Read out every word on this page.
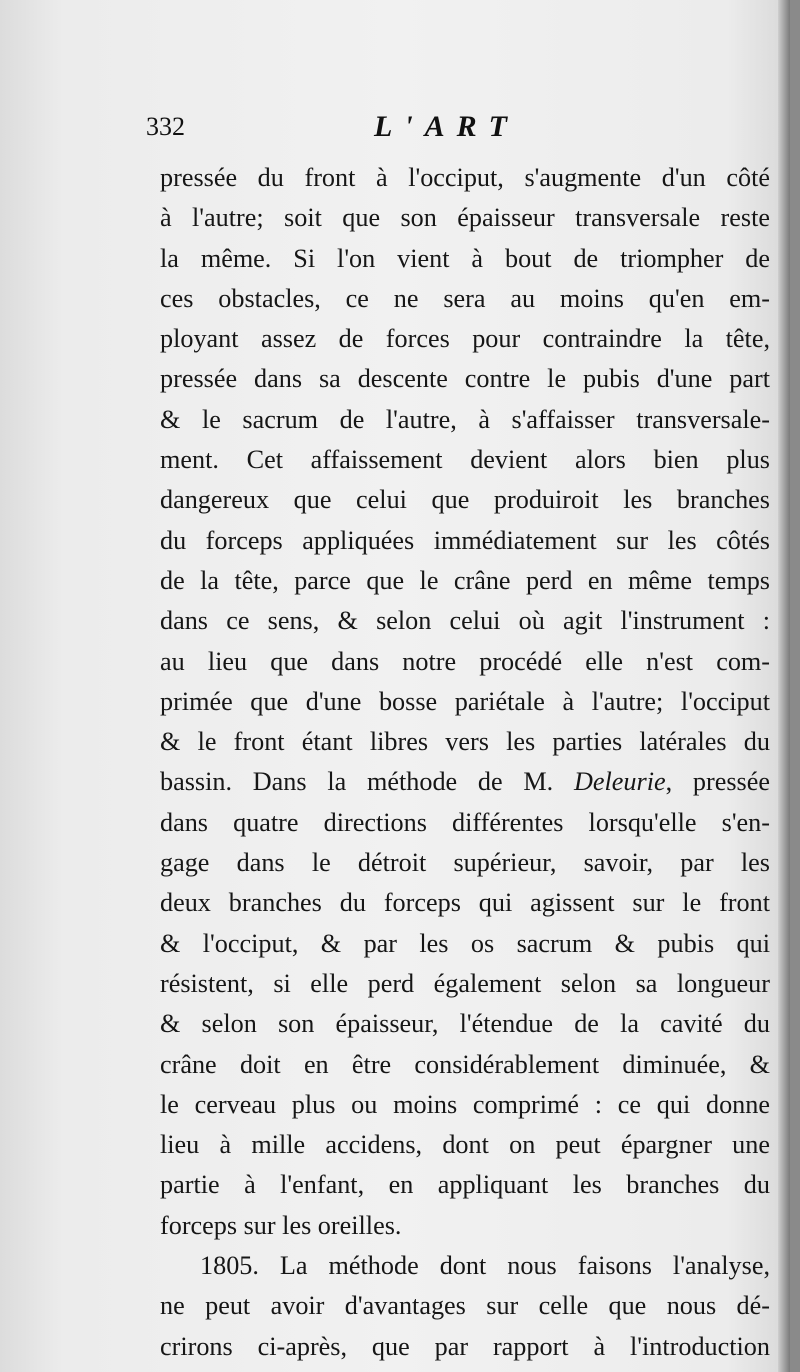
332	L'ART
pressée du front à l'occiput, s'augmente d'un côté
à l'autre; soit que son épaisseur transversale reste
la même. Si l'on vient à bout de triompher de
ces obstacles, ce ne sera au moins qu'en em-
ployant assez de forces pour contraindre la tête,
pressée dans sa descente contre le pubis d'une part
& le sacrum de l'autre, à s'affaisser transversale-
ment. Cet affaissement devient alors bien plus
dangereux que celui que produiroit les branches
du forceps appliquées immédiatement sur les côtés
de la tête, parce que le crâne perd en même temps
dans ce sens, & selon celui où agit l'instrument :
au lieu que dans notre procédé elle n'est com-
primée que d'une bosse pariétale à l'autre; l'occiput
& le front étant libres vers les parties latérales du
bassin. Dans la méthode de M. Deleurie, pressée
dans quatre directions différentes lorsqu'elle s'en-
gage dans le détroit supérieur, savoir, par les
deux branches du forceps qui agissent sur le front
& l'occiput, & par les os sacrum & pubis qui
résistent, si elle perd également selon sa longueur
& selon son épaisseur, l'étendue de la cavité du
crâne doit en être considérablement diminuée, &
le cerveau plus ou moins comprimé : ce qui donne
lieu à mille accidens, dont on peut épargner une
partie à l'enfant, en appliquant les branches du
forceps sur les oreilles.
1805. La méthode dont nous faisons l'analyse,
ne peut avoir d'avantages sur celle que nous dé-
crirons ci-après, que par rapport à l'introduction
